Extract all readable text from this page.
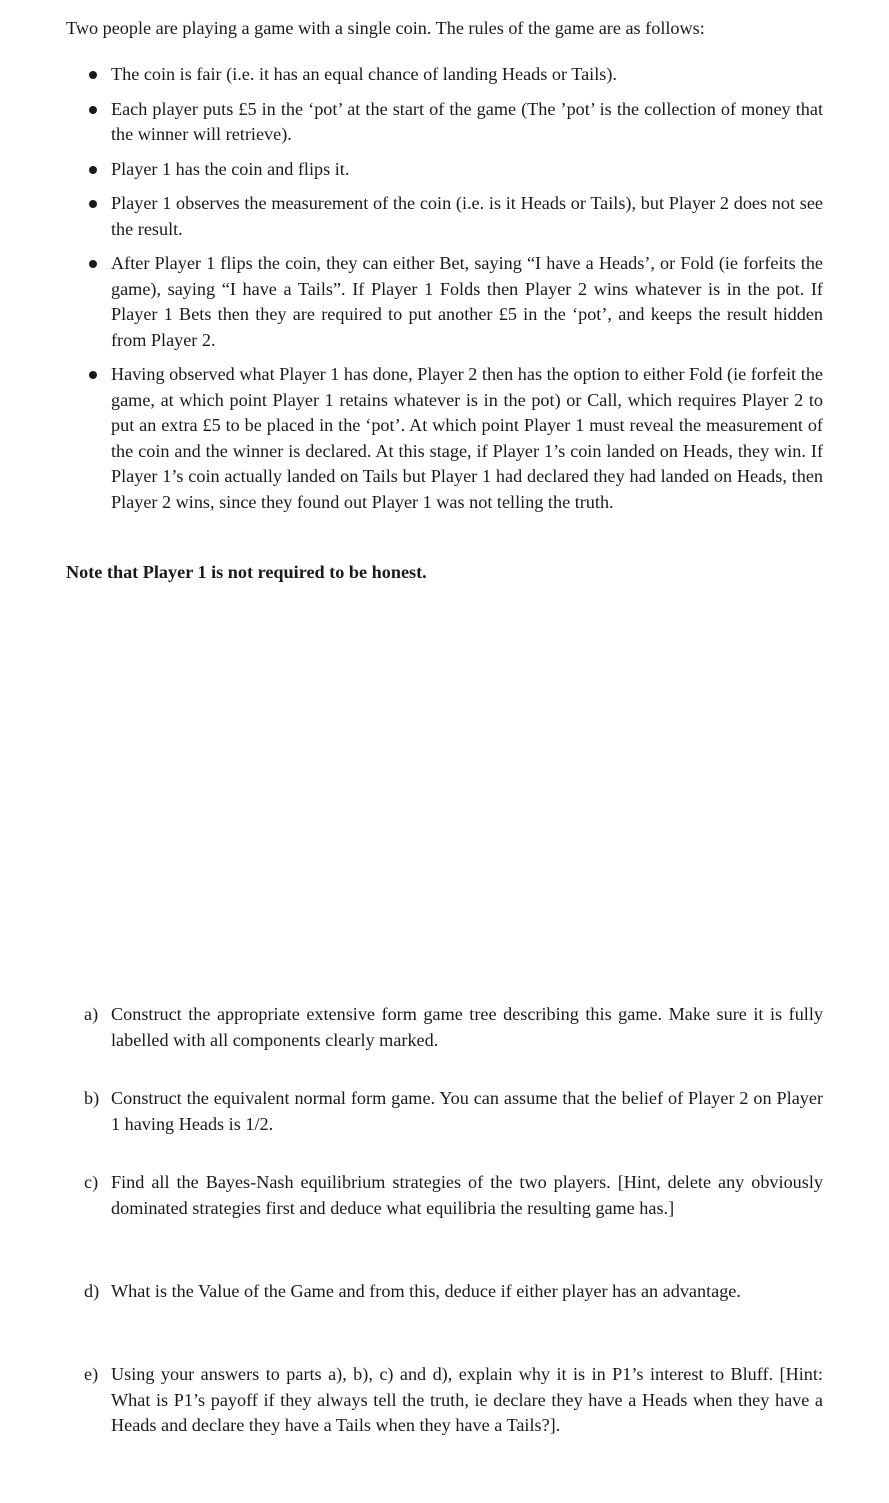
Two people are playing a game with a single coin. The rules of the game are as follows:
The coin is fair (i.e. it has an equal chance of landing Heads or Tails).
Each player puts £5 in the ‘pot’ at the start of the game (The ’pot’ is the collection of money that the winner will retrieve).
Player 1 has the coin and flips it.
Player 1 observes the measurement of the coin (i.e. is it Heads or Tails), but Player 2 does not see the result.
After Player 1 flips the coin, they can either Bet, saying “I have a Heads’, or Fold (ie forfeits the game), saying “I have a Tails”. If Player 1 Folds then Player 2 wins whatever is in the pot. If Player 1 Bets then they are required to put another £5 in the ‘pot’, and keeps the result hidden from Player 2.
Having observed what Player 1 has done, Player 2 then has the option to either Fold (ie forfeit the game, at which point Player 1 retains whatever is in the pot) or Call, which requires Player 2 to put an extra £5 to be placed in the ‘pot’. At which point Player 1 must reveal the measurement of the coin and the winner is declared. At this stage, if Player 1’s coin landed on Heads, they win. If Player 1’s coin actually landed on Tails but Player 1 had declared they had landed on Heads, then Player 2 wins, since they found out Player 1 was not telling the truth.
Note that Player 1 is not required to be honest.
a) Construct the appropriate extensive form game tree describing this game. Make sure it is fully labelled with all components clearly marked.
b) Construct the equivalent normal form game. You can assume that the belief of Player 2 on Player 1 having Heads is 1/2.
c) Find all the Bayes-Nash equilibrium strategies of the two players. [Hint, delete any obviously dominated strategies first and deduce what equilibria the resulting game has.]
d) What is the Value of the Game and from this, deduce if either player has an advantage.
e) Using your answers to parts a), b), c) and d), explain why it is in P1’s interest to Bluff. [Hint: What is P1’s payoff if they always tell the truth, ie declare they have a Heads when they have a Heads and declare they have a Tails when they have a Tails?].
